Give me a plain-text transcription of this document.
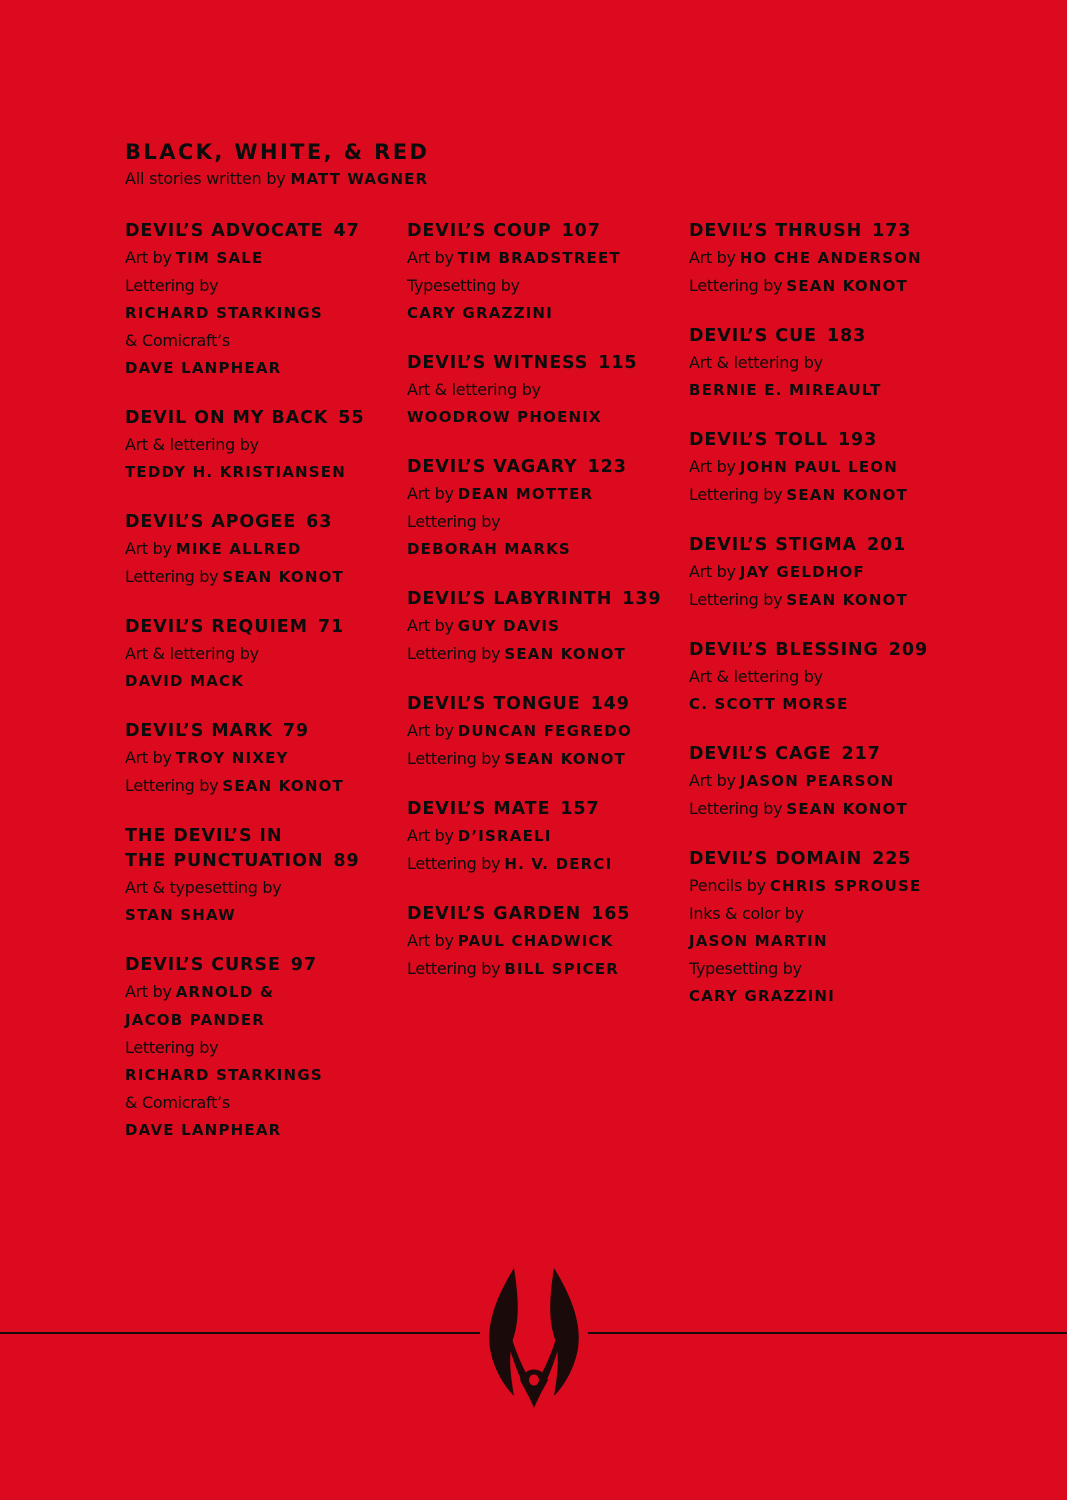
BLACK, WHITE, & RED
All stories written by MATT WAGNER
DEVIL’S ADVOCATE 47
Art by TIM SALE
Lettering by
RICHARD STARKINGS
& Comicraft’s
DAVE LANPHEAR
DEVIL ON MY BACK 55
Art & lettering by
TEDDY H. KRISTIANSEN
DEVIL’S APOGEE 63
Art by MIKE ALLRED
Lettering by SEAN KONOT
DEVIL’S REQUIEM 71
Art & lettering by
DAVID MACK
DEVIL’S MARK 79
Art by TROY NIXEY
Lettering by SEAN KONOT
THE DEVIL’S IN
THE PUNCTUATION 89
Art & typesetting by
STAN SHAW
DEVIL’S CURSE 97
Art by ARNOLD &
JACOB PANDER
Lettering by
RICHARD STARKINGS
& Comicraft’s
DAVE LANPHEAR
DEVIL’S COUP 107
Art by TIM BRADSTREET
Typesetting by
CARY GRAZZINI
DEVIL’S WITNESS 115
Art & lettering by
WOODROW PHOENIX
DEVIL’S VAGARY 123
Art by DEAN MOTTER
Lettering by
DEBORAH MARKS
DEVIL’S LABYRINTH 139
Art by GUY DAVIS
Lettering by SEAN KONOT
DEVIL’S TONGUE 149
Art by DUNCAN FEGREDO
Lettering by SEAN KONOT
DEVIL’S MATE 157
Art by D’ISRAELI
Lettering by H. V. DERCI
DEVIL’S GARDEN 165
Art by PAUL CHADWICK
Lettering by BILL SPICER
DEVIL’S THRUSH 173
Art by HO CHE ANDERSON
Lettering by SEAN KONOT
DEVIL’S CUE 183
Art & lettering by
BERNIE E. MIREAULT
DEVIL’S TOLL 193
Art by JOHN PAUL LEON
Lettering by SEAN KONOT
DEVIL’S STIGMA 201
Art by JAY GELDHOF
Lettering by SEAN KONOT
DEVIL’S BLESSING 209
Art & lettering by
C. SCOTT MORSE
DEVIL’S CAGE 217
Art by JASON PEARSON
Lettering by SEAN KONOT
DEVIL’S DOMAIN 225
Pencils by CHRIS SPROUSE
Inks & color by
JASON MARTIN
Typesetting by
CARY GRAZZINI
